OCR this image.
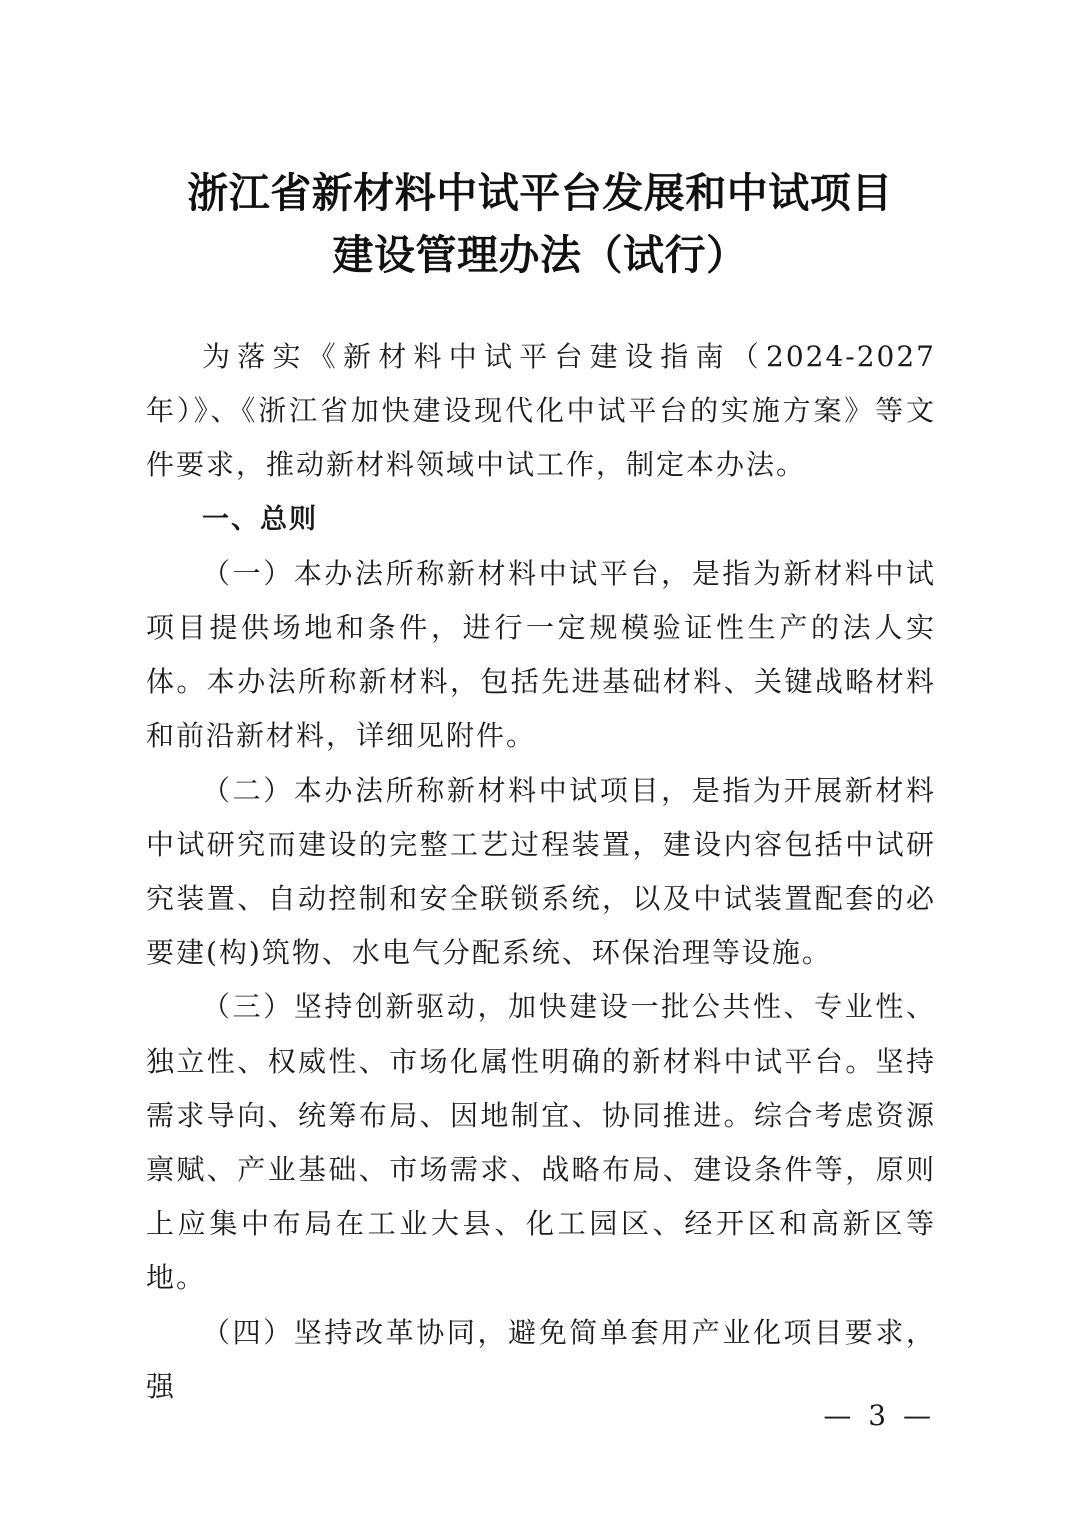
浙江省新材料中试平台发展和中试项目
建设管理办法（试行）

为落实《新材料中试平台建设指南（2024-2027年）》、《浙江省加快建设现代化中试平台的实施方案》等文件要求，推动新材料领域中试工作，制定本办法。

一、总则

（一）本办法所称新材料中试平台，是指为新材料中试项目提供场地和条件，进行一定规模验证性生产的法人实体。本办法所称新材料，包括先进基础材料、关键战略材料和前沿新材料，详细见附件。

（二）本办法所称新材料中试项目，是指为开展新材料中试研究而建设的完整工艺过程装置，建设内容包括中试研究装置、自动控制和安全联锁系统，以及中试装置配套的必要建(构)筑物、水电气分配系统、环保治理等设施。

（三）坚持创新驱动，加快建设一批公共性、专业性、独立性、权威性、市场化属性明确的新材料中试平台。坚持需求导向、统筹布局、因地制宜、协同推进。综合考虑资源禀赋、产业基础、市场需求、战略布局、建设条件等，原则上应集中布局在工业大县、化工园区、经开区和高新区等地。

（四）坚持改革协同，避免简单套用产业化项目要求，强

— 3 —
